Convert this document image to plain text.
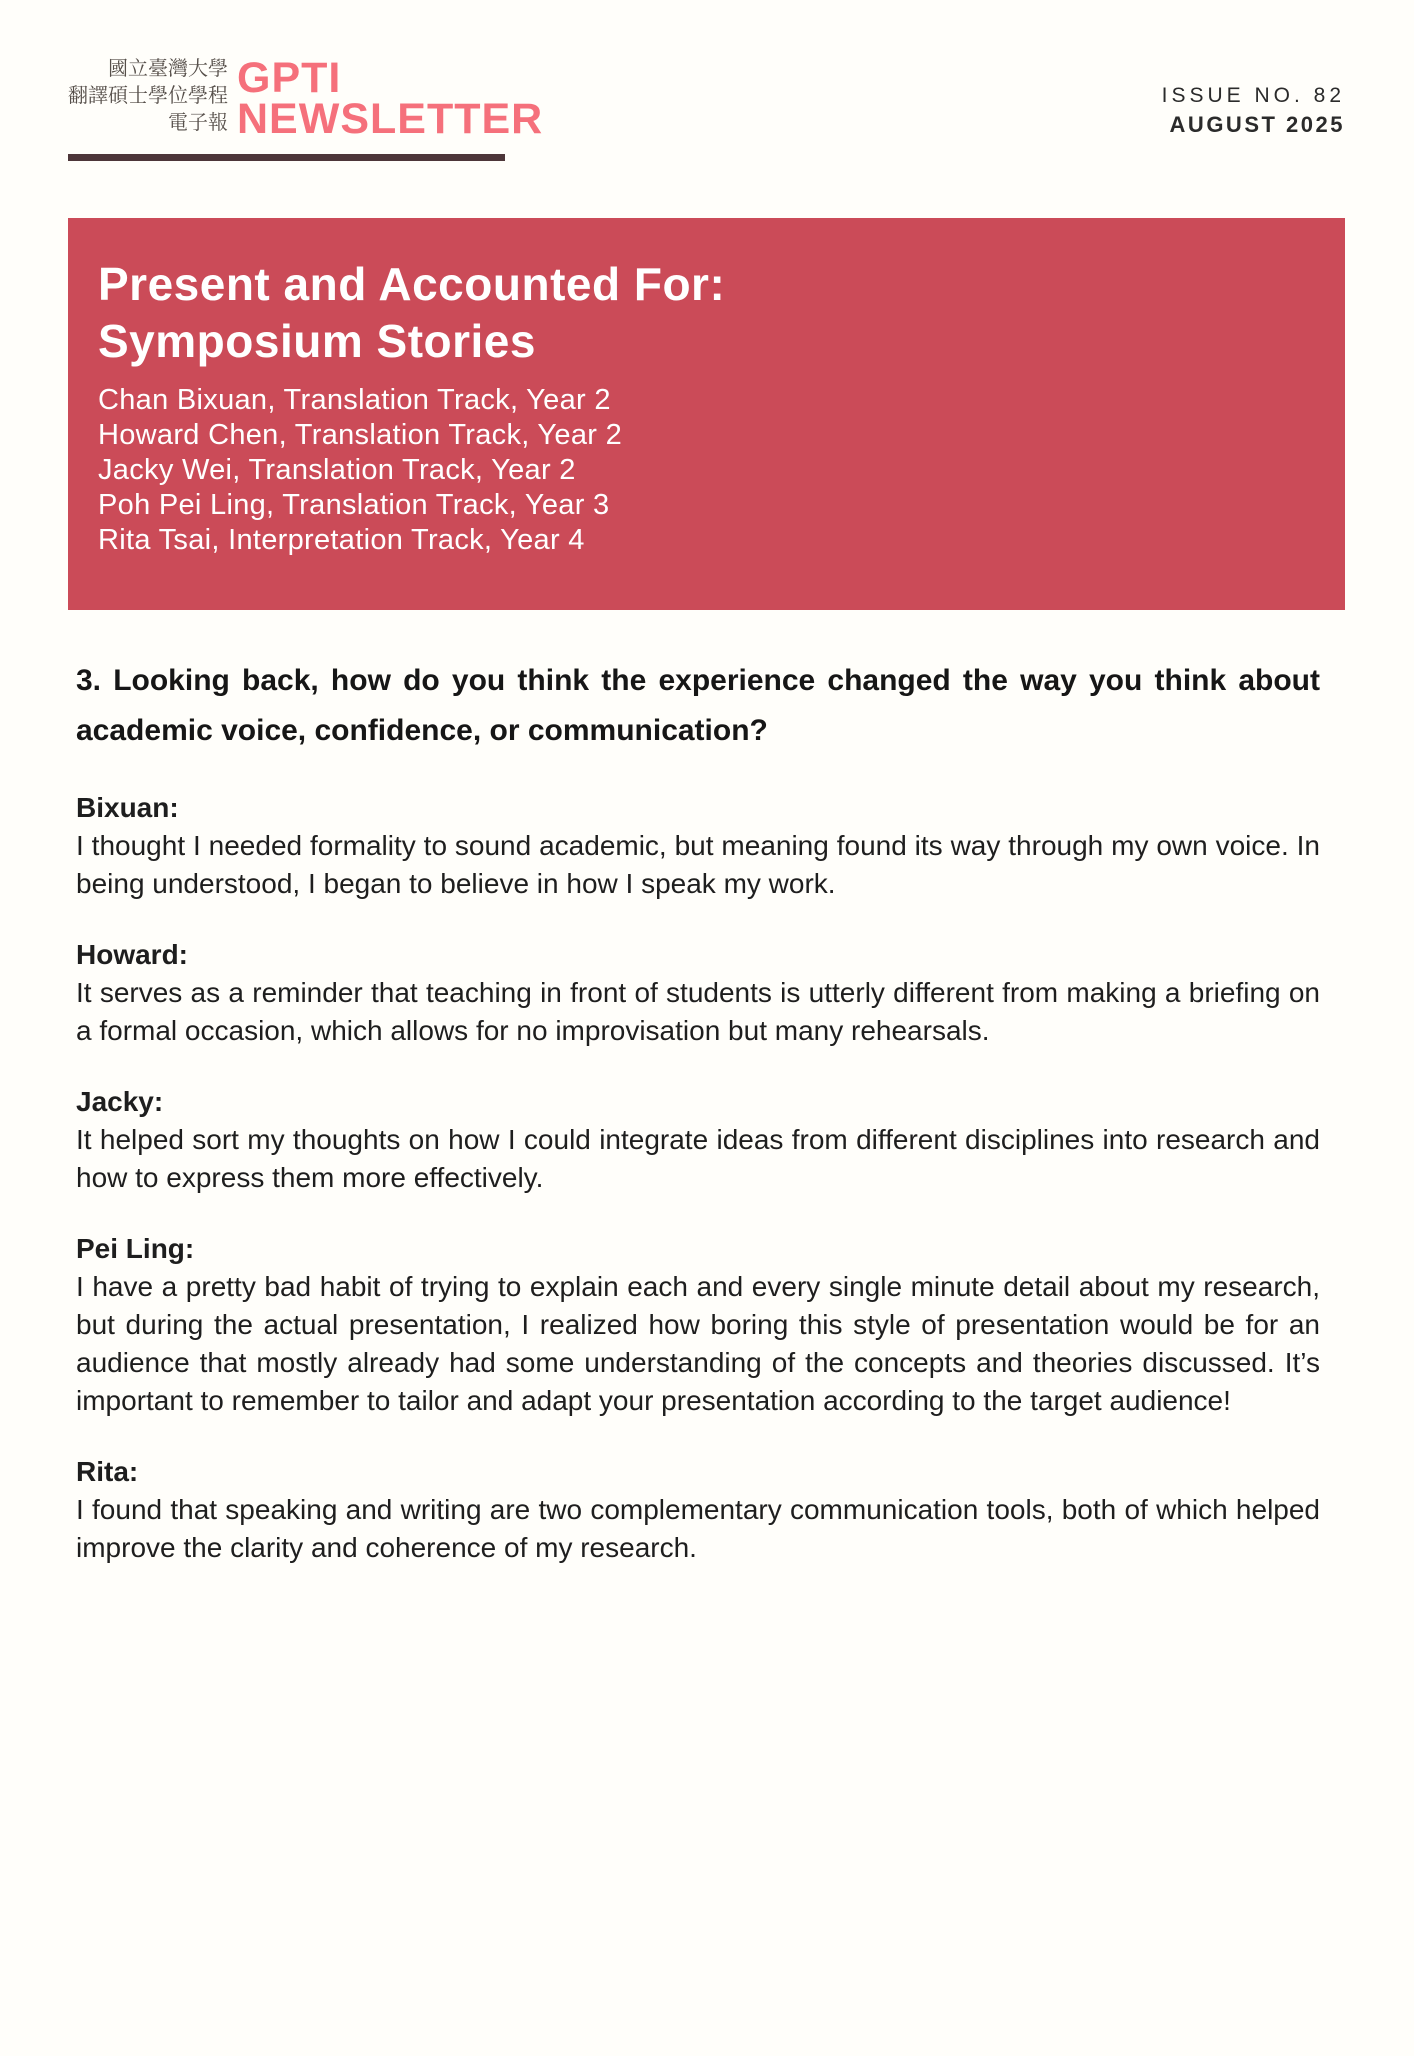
國立臺灣大學
翻譯碩士學位學程
電子報
GPTI
NEWSLETTER	ISSUE NO. 82
AUGUST 2025
Present and Accounted For:
Symposium Stories
Chan Bixuan, Translation Track, Year 2
Howard Chen, Translation Track, Year 2
Jacky Wei, Translation Track, Year 2
Poh Pei Ling, Translation Track, Year 3
Rita Tsai, Interpretation Track, Year 4
3. Looking back, how do you think the experience changed the way you think about academic voice, confidence, or communication?
Bixuan:
I thought I needed formality to sound academic, but meaning found its way through my own voice. In being understood, I began to believe in how I speak my work.
Howard:
It serves as a reminder that teaching in front of students is utterly different from making a briefing on a formal occasion, which allows for no improvisation but many rehearsals.
Jacky:
It helped sort my thoughts on how I could integrate ideas from different disciplines into research and how to express them more effectively.
Pei Ling:
I have a pretty bad habit of trying to explain each and every single minute detail about my research, but during the actual presentation, I realized how boring this style of presentation would be for an audience that mostly already had some understanding of the concepts and theories discussed. It’s important to remember to tailor and adapt your presentation according to the target audience!
Rita:
I found that speaking and writing are two complementary communication tools, both of which helped improve the clarity and coherence of my research.
